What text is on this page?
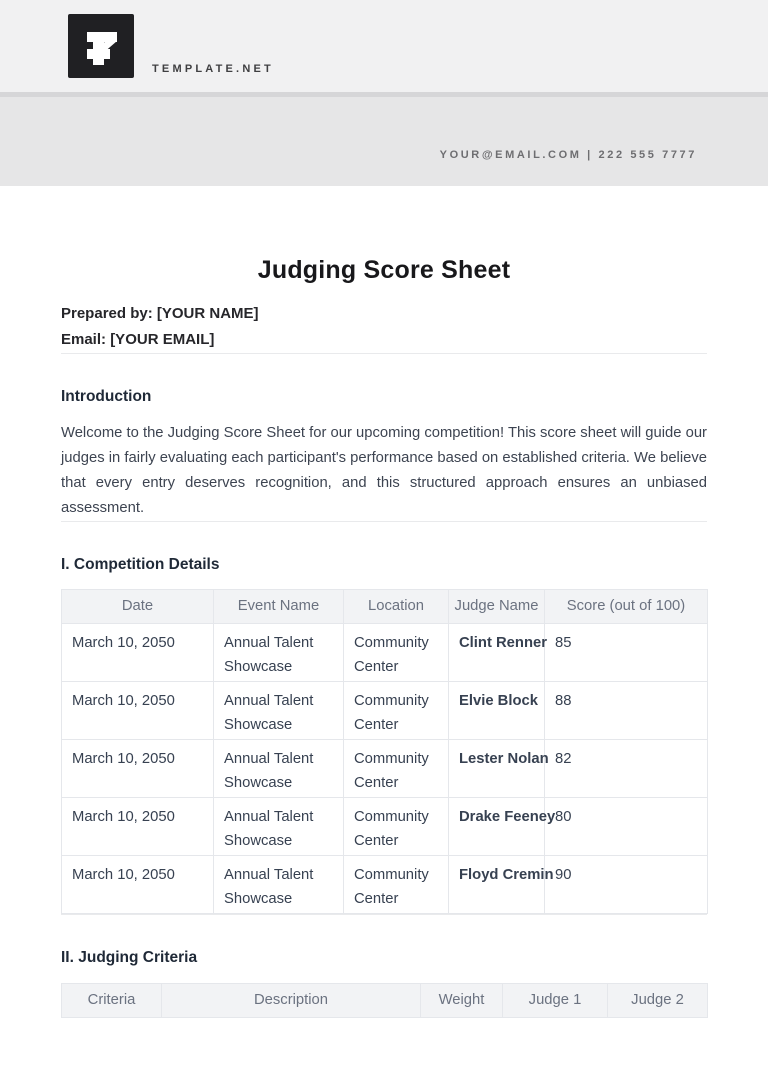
TEMPLATE.NET
YOUR@EMAIL.COM | 222 555 7777
Judging Score Sheet
Prepared by: [YOUR NAME]
Email: [YOUR EMAIL]
Introduction

Welcome to the Judging Score Sheet for our upcoming competition! This score sheet will guide our judges in fairly evaluating each participant's performance based on established criteria. We believe that every entry deserves recognition, and this structured approach ensures an unbiased assessment.

I. Competition Details
Date	Event Name	Location	Judge Name	Score (out of 100)
March 10, 2050	Annual Talent Showcase	Community Center	Clint Renner	85
March 10, 2050	Annual Talent Showcase	Community Center	Elvie Block	88
March 10, 2050	Annual Talent Showcase	Community Center	Lester Nolan	82
March 10, 2050	Annual Talent Showcase	Community Center	Drake Feeney	80
March 10, 2050	Annual Talent Showcase	Community Center	Floyd Cremin	90
II. Judging Criteria
Criteria	Description	Weight	Judge 1	Judge 2
